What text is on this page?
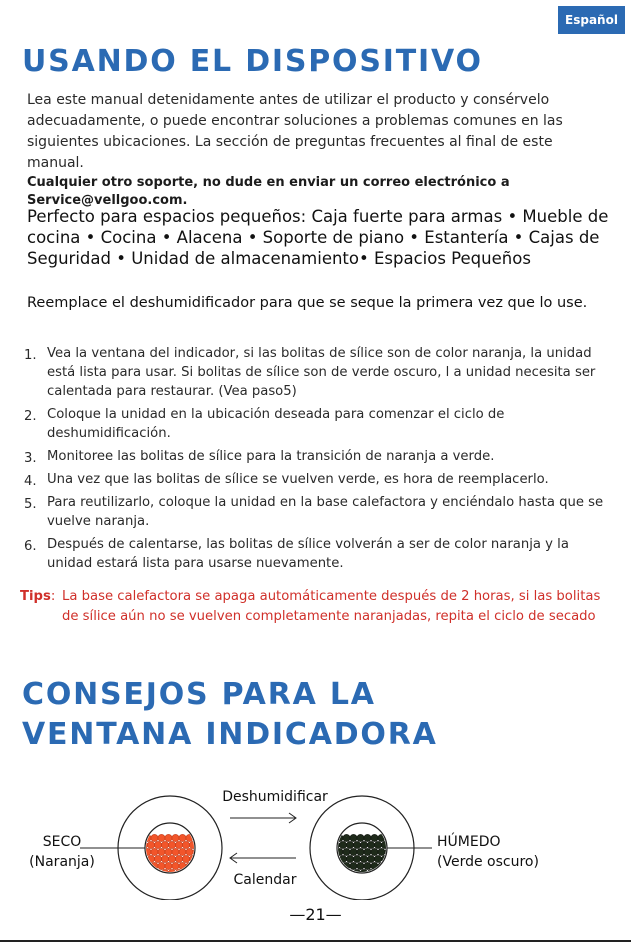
Español
USANDO EL DISPOSITIVO
Lea este manual detenidamente antes de utilizar el producto y consérvelo adecuadamente, o puede encontrar soluciones a problemas comunes en las siguientes ubicaciones. La sección de preguntas frecuentes al final de este manual.
Cualquier otro soporte, no dude en enviar un correo electrónico a
Service@vellgoo.com.

Perfecto para espacios pequeños: Caja fuerte para armas • Mueble de cocina • Cocina • Alacena • Soporte de piano • Estantería • Cajas de Seguridad • Unidad de almacenamiento• Espacios Pequeños

Reemplace el deshumidificador para que se seque la primera vez que lo use.

1. Vea la ventana del indicador, si las bolitas de sílice son de color naranja, la unidad está lista para usar. Si bolitas de sílice son de verde oscuro, l a unidad necesita ser calentada para restaurar. (Vea paso5)
2. Coloque la unidad en la ubicación deseada para comenzar el ciclo de deshumidificación.
3. Monitoree las bolitas de sílice para la transición de naranja a verde.
4. Una vez que las bolitas de sílice se vuelven verde, es hora de reemplacerlo.
5. Para reutilizarlo, coloque la unidad en la base calefactora y enciéndalo hasta que se vuelve naranja.
6. Después de calentarse, las bolitas de sílice volverán a ser de color naranja y la unidad estará lista para usarse nuevamente.
Tips: La base calefactora se apaga automáticamente después de 2 horas, si las bolitas de sílice aún no se vuelven completamente naranjadas, repita el ciclo de secado
CONSEJOS PARA LA
VENTANA INDICADORA
SECO
(Naranja)
HÚMEDO
(Verde oscuro)
Deshumidificar
Calendar
—21—
